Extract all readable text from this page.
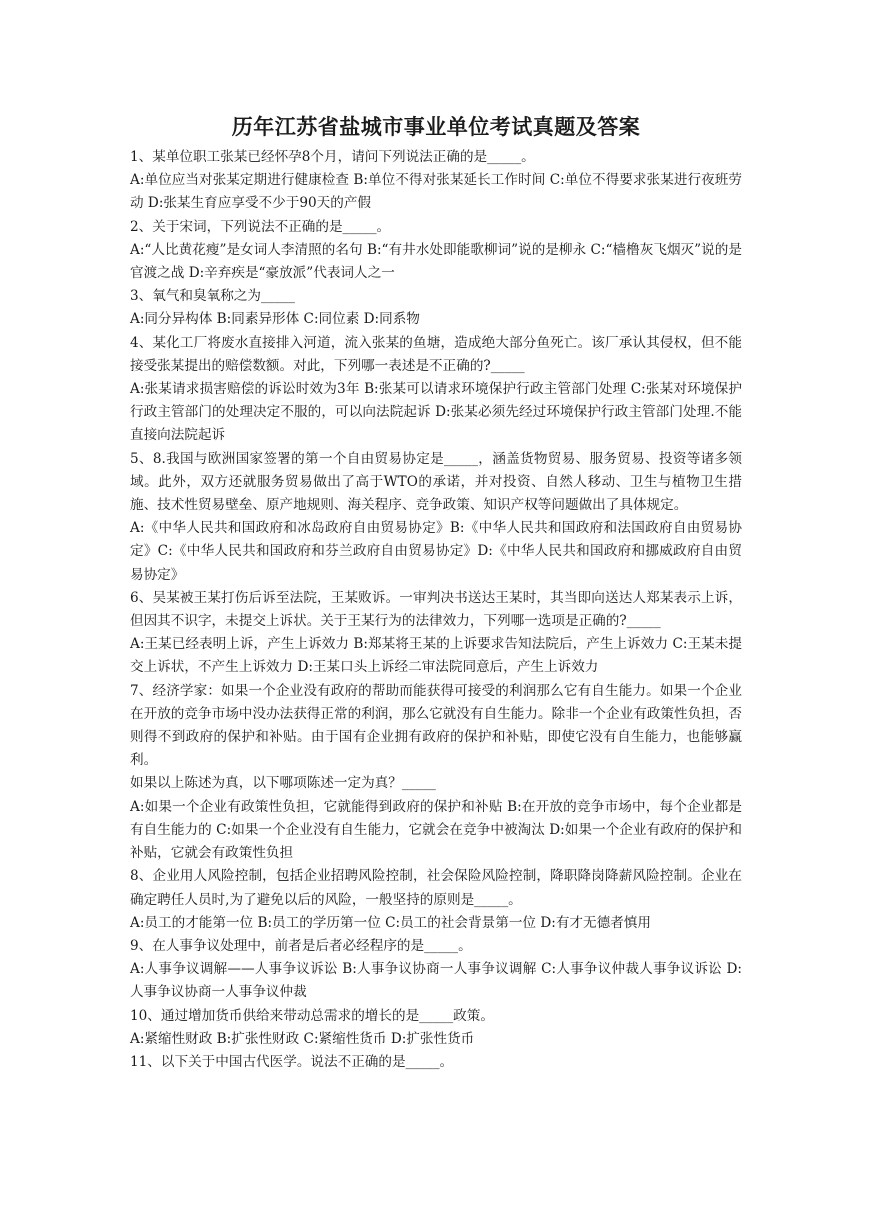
历年江苏省盐城市事业单位考试真题及答案

1、某单位职工张某已经怀孕8个月，请问下列说法正确的是_____。

A:单位应当对张某定期进行健康检查 B:单位不得对张某延长工作时间 C:单位不得要求张某进行夜班劳动 D:张某生育应享受不少于90天的产假

2、关于宋词，下列说法不正确的是_____。

A:“人比黄花瘦”是女词人李清照的名句 B:“有井水处即能歌柳词”说的是柳永 C:“樯橹灰飞烟灭”说的是官渡之战 D:辛弃疾是“豪放派”代表词人之一

3、氧气和臭氧称之为_____

A:同分异构体 B:同素异形体 C:同位素 D:同系物

4、某化工厂将废水直接排入河道，流入张某的鱼塘，造成绝大部分鱼死亡。该厂承认其侵权，但不能接受张某提出的赔偿数额。对此，下列哪一表述是不正确的?_____

A:张某请求损害赔偿的诉讼时效为3年 B:张某可以请求环境保护行政主管部门处理 C:张某对环境保护行政主管部门的处理决定不服的，可以向法院起诉 D:张某必须先经过环境保护行政主管部门处理.不能直接向法院起诉

5、8.我国与欧洲国家签署的第一个自由贸易协定是_____，涵盖货物贸易、服务贸易、投资等诸多领域。此外，双方还就服务贸易做出了高于WTO的承诺，并对投资、自然人移动、卫生与植物卫生措施、技术性贸易壁垒、原产地规则、海关程序、竞争政策、知识产权等问题做出了具体规定。

A:《中华人民共和国政府和冰岛政府自由贸易协定》B:《中华人民共和国政府和法国政府自由贸易协定》C:《中华人民共和国政府和芬兰政府自由贸易协定》D:《中华人民共和国政府和挪威政府自由贸易协定》

6、吴某被王某打伤后诉至法院，王某败诉。一审判决书送达王某时，其当即向送达人郑某表示上诉，但因其不识字，未提交上诉状。关于王某行为的法律效力，下列哪一选项是正确的?_____

A:王某已经表明上诉，产生上诉效力 B:郑某将王某的上诉要求告知法院后，产生上诉效力 C:王某未提交上诉状，不产生上诉效力 D:王某口头上诉经二审法院同意后，产生上诉效力

7、经济学家：如果一个企业没有政府的帮助而能获得可接受的利润那么它有自生能力。如果一个企业在开放的竞争市场中没办法获得正常的利润，那么它就没有自生能力。除非一个企业有政策性负担，否则得不到政府的保护和补贴。由于国有企业拥有政府的保护和补贴，即使它没有自生能力，也能够赢利。

如果以上陈述为真，以下哪项陈述一定为真？_____

A:如果一个企业有政策性负担，它就能得到政府的保护和补贴 B:在开放的竞争市场中，每个企业都是有自生能力的 C:如果一个企业没有自生能力，它就会在竞争中被淘汰 D:如果一个企业有政府的保护和补贴，它就会有政策性负担

8、企业用人风险控制，包括企业招聘风险控制，社会保险风险控制，降职降岗降薪风险控制。企业在确定聘任人员时,为了避免以后的风险，一般坚持的原则是_____。

A:员工的才能第一位 B:员工的学历第一位 C:员工的社会背景第一位 D:有才无德者慎用

9、在人事争议处理中，前者是后者必经程序的是_____。

A:人事争议调解——人事争议诉讼 B:人事争议协商一人事争议调解 C:人事争议仲裁人事争议诉讼 D:人事争议协商一人事争议仲裁

10、通过增加货币供给来带动总需求的增长的是_____政策。

A:紧缩性财政 B:扩张性财政 C:紧缩性货币 D:扩张性货币

11、以下关于中国古代医学。说法不正确的是_____。
